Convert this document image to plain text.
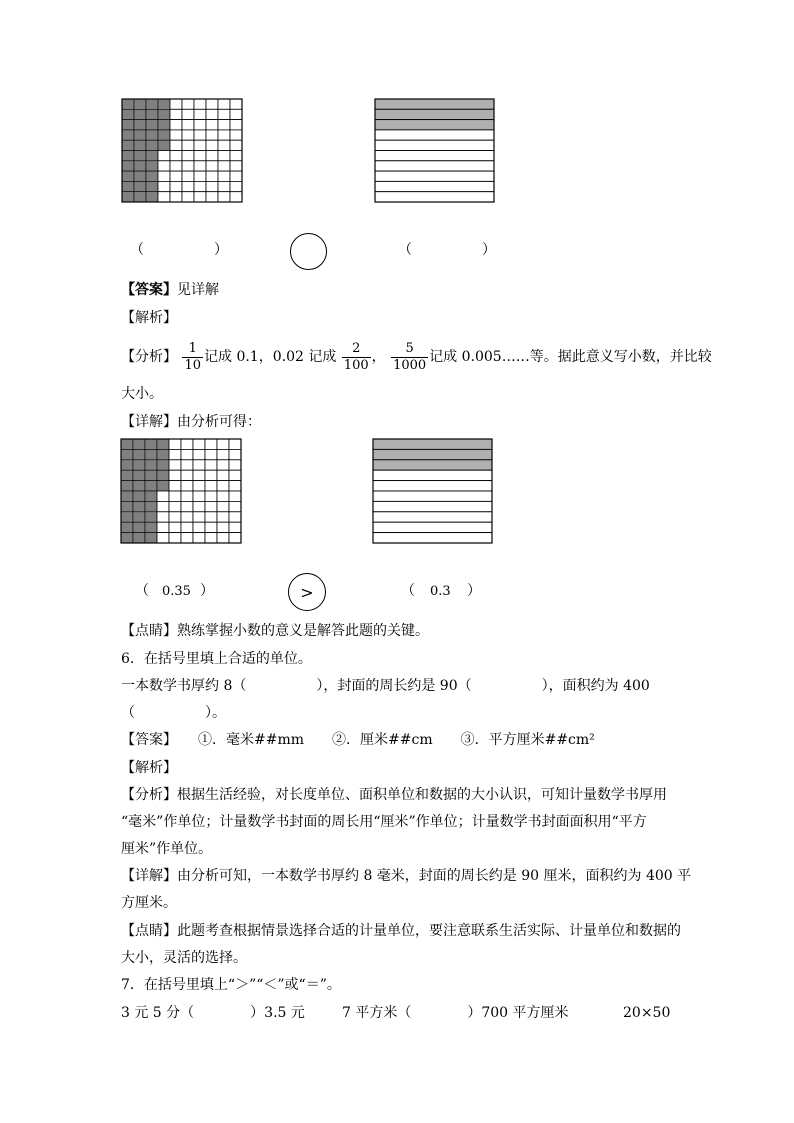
（　　　　　）	（　　　　　）
【答案】见详解
【解析】
【分析】 $\frac{1}{10}$ 记成 0.1，0.02 记成 $\frac{2}{100}$ ， $\frac{5}{1000}$ 记成 0.005……等。据此意义写小数，并比较
大小。
【详解】由分析可得：
（ 0.35 ）	>	（ 0.3 ）
【点睛】熟练掌握小数的意义是解答此题的关键。
6．在括号里填上合适的单位。
一本数学书厚约 8（　　　　　），封面的周长约是 90（　　　　　），面积约为 400
（　　　　　）。
【答案】　　①．毫米##mm　　②．厘米##cm　　③．平方厘米##cm²
【解析】
【分析】根据生活经验，对长度单位、面积单位和数据的大小认识，可知计量数学书厚用
“毫米”作单位；计量数学书封面的周长用“厘米”作单位；计量数学书封面面积用“平方
厘米”作单位。
【详解】由分析可知，一本数学书厚约 8 毫米，封面的周长约是 90 厘米，面积约为 400 平
方厘米。
【点睛】此题考查根据情景选择合适的计量单位，要注意联系生活实际、计量单位和数据的
大小，灵活的选择。
7．在括号里填上“＞”“＜”或“＝”。
3 元 5 分（　　　　）3.5 元	7 平方米（　　　　）700 平方厘米	20×50
